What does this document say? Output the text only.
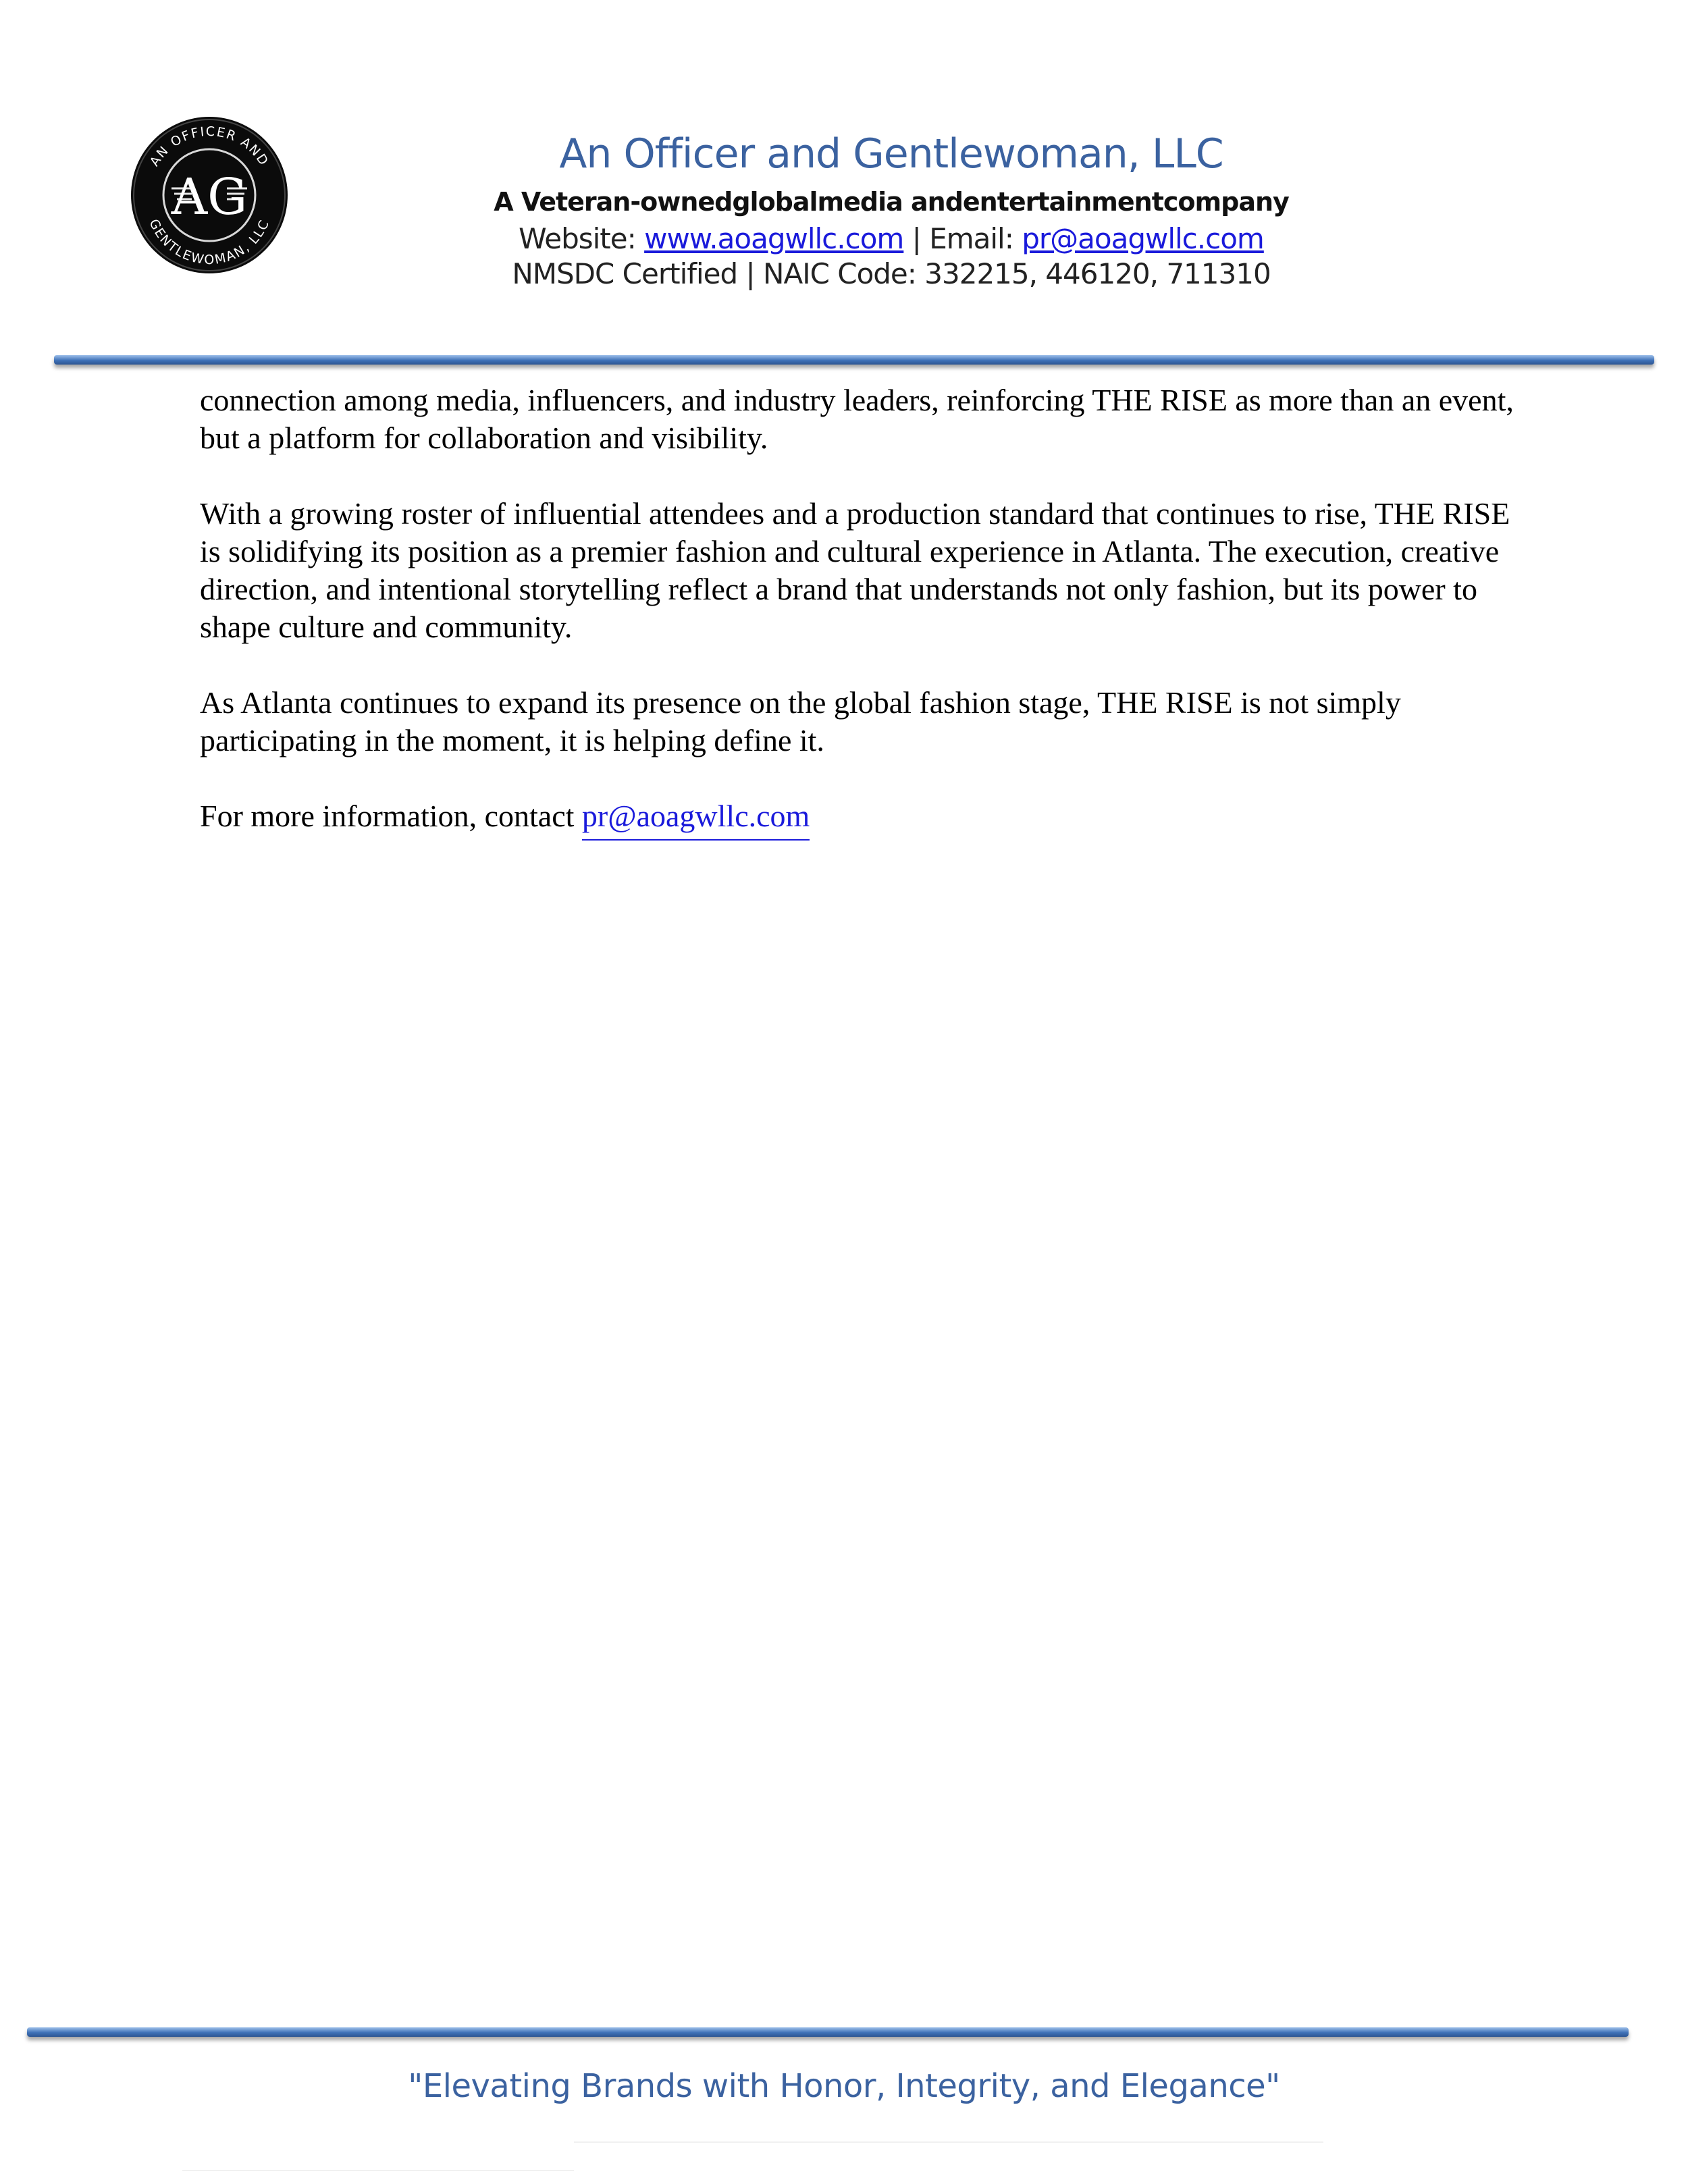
AN OFFICER AND
GENTLEWOMAN, LLC
AG
An Officer and Gentlewoman, LLC
A Veteran-ownedglobalmedia andentertainmentcompany
Website: www.aoagwllc.com | Email: pr@aoagwllc.com
NMSDC Certified | NAIC Code: 332215, 446120, 711310

connection among media, influencers, and industry leaders, reinforcing THE RISE as more than an event, but a platform for collaboration and visibility.

With a growing roster of influential attendees and a production standard that continues to rise, THE RISE is solidifying its position as a premier fashion and cultural experience in Atlanta. The execution, creative direction, and intentional storytelling reflect a brand that understands not only fashion, but its power to shape culture and community.

As Atlanta continues to expand its presence on the global fashion stage, THE RISE is not simply participating in the moment, it is helping define it.

For more information, contact pr@aoagwllc.com

"Elevating Brands with Honor, Integrity, and Elegance"
